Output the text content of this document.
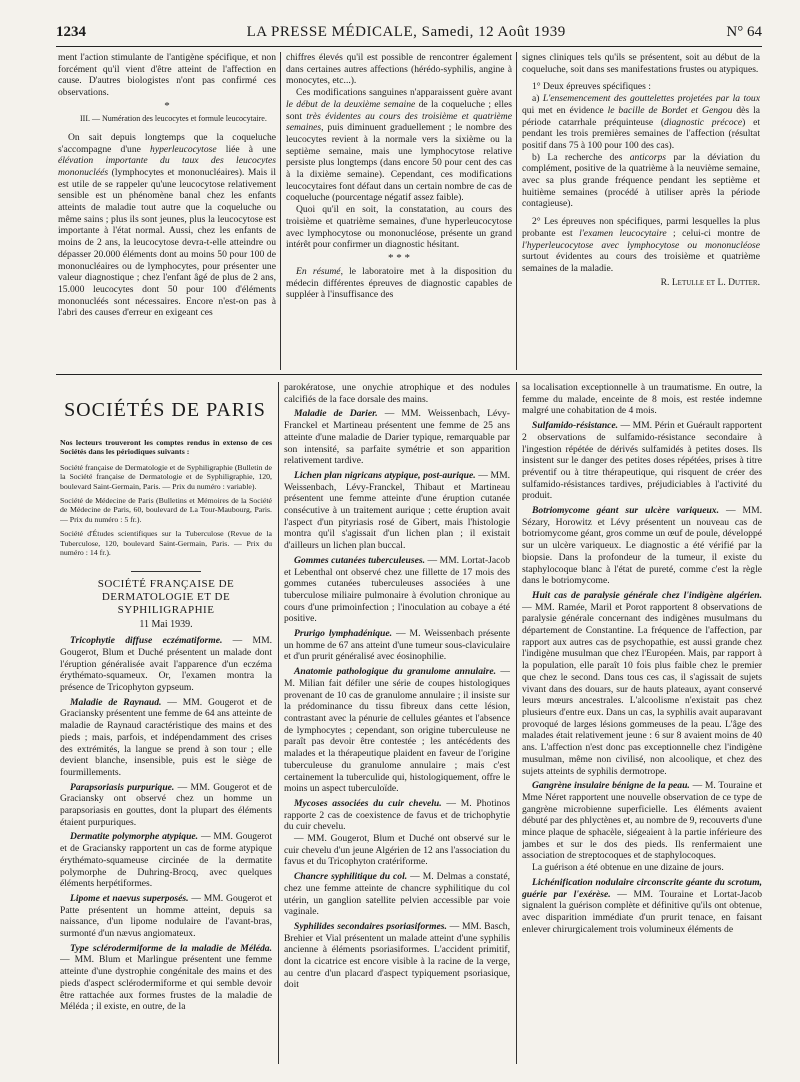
1234	LA PRESSE MÉDICALE, Samedi, 12 Août 1939	N° 64

ment l'action stimulante de l'antigène spécifique, et non forcément qu'il vient d'être atteint de l'affection en cause. D'autres biologistes n'ont pas confirmé ces observations.

*

III. — Numération des leucocytes et formule leucocytaire.

On sait depuis longtemps que la coqueluche s'accompagne d'une hyperleucocytose liée à une élévation importante du taux des leucocytes mononucléés (lymphocytes et mononucléaires). Mais il est utile de se rappeler qu'une leucocytose relativement sensible est un phénomène banal chez les enfants atteints de maladie tout autre que la coqueluche ou même sains ; plus ils sont jeunes, plus la leucocytose est importante à l'état normal. Aussi, chez les enfants de moins de 2 ans, la leucocytose devra-t-elle atteindre ou dépasser 20.000 éléments dont au moins 50 pour 100 de mononucléaires ou de lymphocytes, pour présenter une valeur diagnostique ; chez l'enfant âgé de plus de 2 ans, 15.000 leucocytes dont 50 pour 100 d'éléments mononucléés sont nécessaires. Encore n'est-on pas à l'abri des causes d'erreur en exigeant ces

chiffres élevés qu'il est possible de rencontrer également dans certaines autres affections (hérédo-syphilis, angine à monocytes, etc...).

Ces modifications sanguines n'apparaissent guère avant le début de la deuxième semaine de la coqueluche ; elles sont très évidentes au cours des troisième et quatrième semaines, puis diminuent graduellement ; le nombre des leucocytes revient à la normale vers la sixième ou la septième semaine, mais une lymphocytose relative persiste plus longtemps (dans encore 50 pour cent des cas à la dixième semaine). Cependant, ces modifications leucocytaires font défaut dans un certain nombre de cas de coqueluche (pourcentage négatif assez faible).

Quoi qu'il en soit, la constatation, au cours des troisième et quatrième semaines, d'une hyperleucocytose avec lymphocytose ou mononucléose, présente un grand intérêt pour confirmer un diagnostic hésitant.

* * *

En résumé, le laboratoire met à la disposition du médecin différentes épreuves de diagnostic capables de suppléer à l'insuffisance des

signes cliniques tels qu'ils se présentent, soit au début de la coqueluche, soit dans ses manifestations frustes ou atypiques.

1° Deux épreuves spécifiques :

a) L'ensemencement des gouttelettes projetées par la toux qui met en évidence le bacille de Bordet et Gengou dès la période catarrhale préquinteuse (diagnostic précoce) et pendant les trois premières semaines de l'affection (résultat positif dans 75 à 100 pour 100 des cas).

b) La recherche des anticorps par la déviation du complément, positive de la quatrième à la neuvième semaine, avec sa plus grande fréquence pendant les septième et huitième semaines (procédé à utiliser après la période contagieuse).

2° Les épreuves non spécifiques, parmi lesquelles la plus probante est l'examen leucocytaire ; celui-ci montre de l'hyperleucocytose avec lymphocytose ou mononucléose surtout évidentes au cours des troisième et quatrième semaines de la maladie.

R. Letulle et L. Dutter.

SOCIÉTÉS DE PARIS

Nos lecteurs trouveront les comptes rendus in extenso de ces Sociétés dans les périodiques suivants :

Société française de Dermatologie et de Syphiligraphie (Bulletin de la Société française de Dermatologie et de Syphiligraphie, 120, boulevard Saint-Germain, Paris. — Prix du numéro : variable).

Société de Médecine de Paris (Bulletins et Mémoires de la Société de Médecine de Paris, 60, boulevard de La Tour-Maubourg, Paris. — Prix du numéro : 5 fr.).

Société d'Études scientifiques sur la Tuberculose (Revue de la Tuberculose, 120, boulevard Saint-Germain, Paris. — Prix du numéro : 14 fr.).

SOCIÉTÉ FRANÇAISE DE DERMATOLOGIE ET DE SYPHILIGRAPHIE
11 Mai 1939.

Tricophytie diffuse eczématiforme. — MM. Gougerot, Blum et Duché présentent un malade dont l'éruption généralisée avait l'apparence d'un eczéma érythémato-squameux. Or, l'examen montra la présence de Tricophyton gypseum.

Maladie de Raynaud. — MM. Gougerot et de Graciansky présentent une femme de 64 ans atteinte de maladie de Raynaud caractéristique des mains et des pieds ; mais, parfois, et indépendamment des crises des extrémités, la langue se prend à son tour ; elle devient blanche, insensible, puis est le siège de fourmillements.

Parapsoriasis purpurique. — MM. Gougerot et de Graciansky ont observé chez un homme un parapsoriasis en gouttes, dont la plupart des éléments étaient purpuriques.

Dermatite polymorphe atypique. — MM. Gougerot et de Graciansky rapportent un cas de forme atypique érythémato-squameuse circinée de la dermatite polymorphe de Duhring-Brocq, avec quelques éléments herpétiformes.

Lipome et naevus superposés. — MM. Gougerot et Patte présentent un homme atteint, depuis sa naissance, d'un lipome nodulaire de l'avant-bras, surmonté d'un nævus angiomateux.

Type sclérodermiforme de la maladie de Méléda. — MM. Blum et Marlingue présentent une femme atteinte d'une dystrophie congénitale des mains et des pieds d'aspect sclérodermiforme et qui semble devoir être rattachée aux formes frustes de la maladie de Méléda ; il existe, en outre, de la

parokératose, une onychie atrophique et des nodules calcifiés de la face dorsale des mains.

Maladie de Darier. — MM. Weissenbach, Lévy-Franckel et Martineau présentent une femme de 25 ans atteinte d'une maladie de Darier typique, remarquable par son intensité, sa parfaite symétrie et son apparition relativement tardive.

Lichen plan nigricans atypique, post-aurique. — MM. Weissenbach, Lévy-Franckel, Thibaut et Martineau présentent une femme atteinte d'une éruption cutanée consécutive à un traitement aurique ; cette éruption avait l'aspect d'un pityriasis rosé de Gibert, mais l'histologie montra qu'il s'agissait d'un lichen plan ; il existait d'ailleurs un lichen plan buccal.

Gommes cutanées tuberculeuses. — MM. Lortat-Jacob et Lebenthal ont observé chez une fillette de 17 mois des gommes cutanées tuberculeuses associées à une tuberculose miliaire pulmonaire à évolution chronique au cours d'une primoinfection ; l'inoculation au cobaye a été positive.

Prurigo lymphadénique. — M. Weissenbach présente un homme de 67 ans atteint d'une tumeur sous-claviculaire et d'un prurit généralisé avec éosinophilie.

Anatomie pathologique du granulome annulaire. — M. Milian fait défiler une série de coupes histologiques provenant de 10 cas de granulome annulaire ; il insiste sur la prédominance du tissu fibreux dans cette lésion, contrastant avec la pénurie de cellules géantes et l'absence de lymphocytes ; cependant, son origine tuberculeuse ne paraît pas devoir être contestée ; les antécédents des malades et la thérapeutique plaident en faveur de l'origine tuberculeuse du granulome annulaire ; mais c'est certainement la tuberculide qui, histologiquement, offre le moins un aspect tuberculoïde.

Mycoses associées du cuir chevelu. — M. Photinos rapporte 2 cas de coexistence de favus et de trichophytie du cuir chevelu.

— MM. Gougerot, Blum et Duché ont observé sur le cuir chevelu d'un jeune Algérien de 12 ans l'association du favus et du Tricophyton cratériforme.

Chancre syphilitique du col. — M. Delmas a constaté, chez une femme atteinte de chancre syphilitique du col utérin, un ganglion satellite pelvien accessible par voie vaginale.

Syphilides secondaires psoriasiformes. — MM. Basch, Brehier et Vial présentent un malade atteint d'une syphilis ancienne à éléments psoriasiformes. L'accident primitif, dont la cicatrice est encore visible à la racine de la verge, au centre d'un placard d'aspect typiquement psoriasique, doit

sa localisation exceptionnelle à un traumatisme. En outre, la femme du malade, enceinte de 8 mois, est restée indemne malgré une cohabitation de 4 mois.

Sulfamido-résistance. — MM. Périn et Guérault rapportent 2 observations de sulfamido-résistance secondaire à l'ingestion répétée de dérivés sulfamidés à petites doses. Ils insistent sur le danger des petites doses répétées, prises à titre préventif ou à titre thérapeutique, qui risquent de créer des sulfamido-résistances tardives, préjudiciables à l'activité du produit.

Botriomycome géant sur ulcère variqueux. — MM. Sézary, Horowitz et Lévy présentent un nouveau cas de botriomycome géant, gros comme un œuf de poule, développé sur un ulcère variqueux. Le diagnostic a été vérifié par la biopsie. Dans la profondeur de la tumeur, il existe du staphylocoque blanc à l'état de pureté, comme c'est la règle dans le botriomycome.

Huit cas de paralysie générale chez l'indigène algérien. — MM. Ramée, Maril et Porot rapportent 8 observations de paralysie générale concernant des indigènes musulmans du département de Constantine. La fréquence de l'affection, par rapport aux autres cas de psychopathie, est aussi grande chez l'indigène musulman que chez l'Européen. Mais, par rapport à la population, elle paraît 10 fois plus faible chez le premier que chez le second. Dans tous ces cas, il s'agissait de sujets vivant dans des douars, sur de hauts plateaux, ayant conservé leurs mœurs ancestrales. L'alcoolisme n'existait pas chez plusieurs d'entre eux. Dans un cas, la syphilis avait auparavant provoqué de larges lésions gommeuses de la peau. L'âge des malades était relativement jeune : 6 sur 8 avaient moins de 40 ans. L'affection n'est donc pas exceptionnelle chez l'indigène musulman, même non civilisé, non alcoolique, et chez des sujets atteints de syphilis dermotrope.

Gangrène insulaire bénigne de la peau. — M. Touraine et Mme Néret rapportent une nouvelle observation de ce type de gangrène microbienne superficielle. Les éléments avaient débuté par des phlyctènes et, au nombre de 9, recouverts d'une mince plaque de sphacèle, siégeaient à la partie inférieure des jambes et sur le dos des pieds. Ils renfermaient une association de streptocoques et de staphylocoques.

La guérison a été obtenue en une dizaine de jours.

Lichénification nodulaire circonscrite géante du scrotum, guérie par l'exérèse. — MM. Touraine et Lortat-Jacob signalent la guérison complète et définitive qu'ils ont obtenue, avec disparition immédiate d'un prurit tenace, en faisant enlever chirurgicalement trois volumineux éléments de
